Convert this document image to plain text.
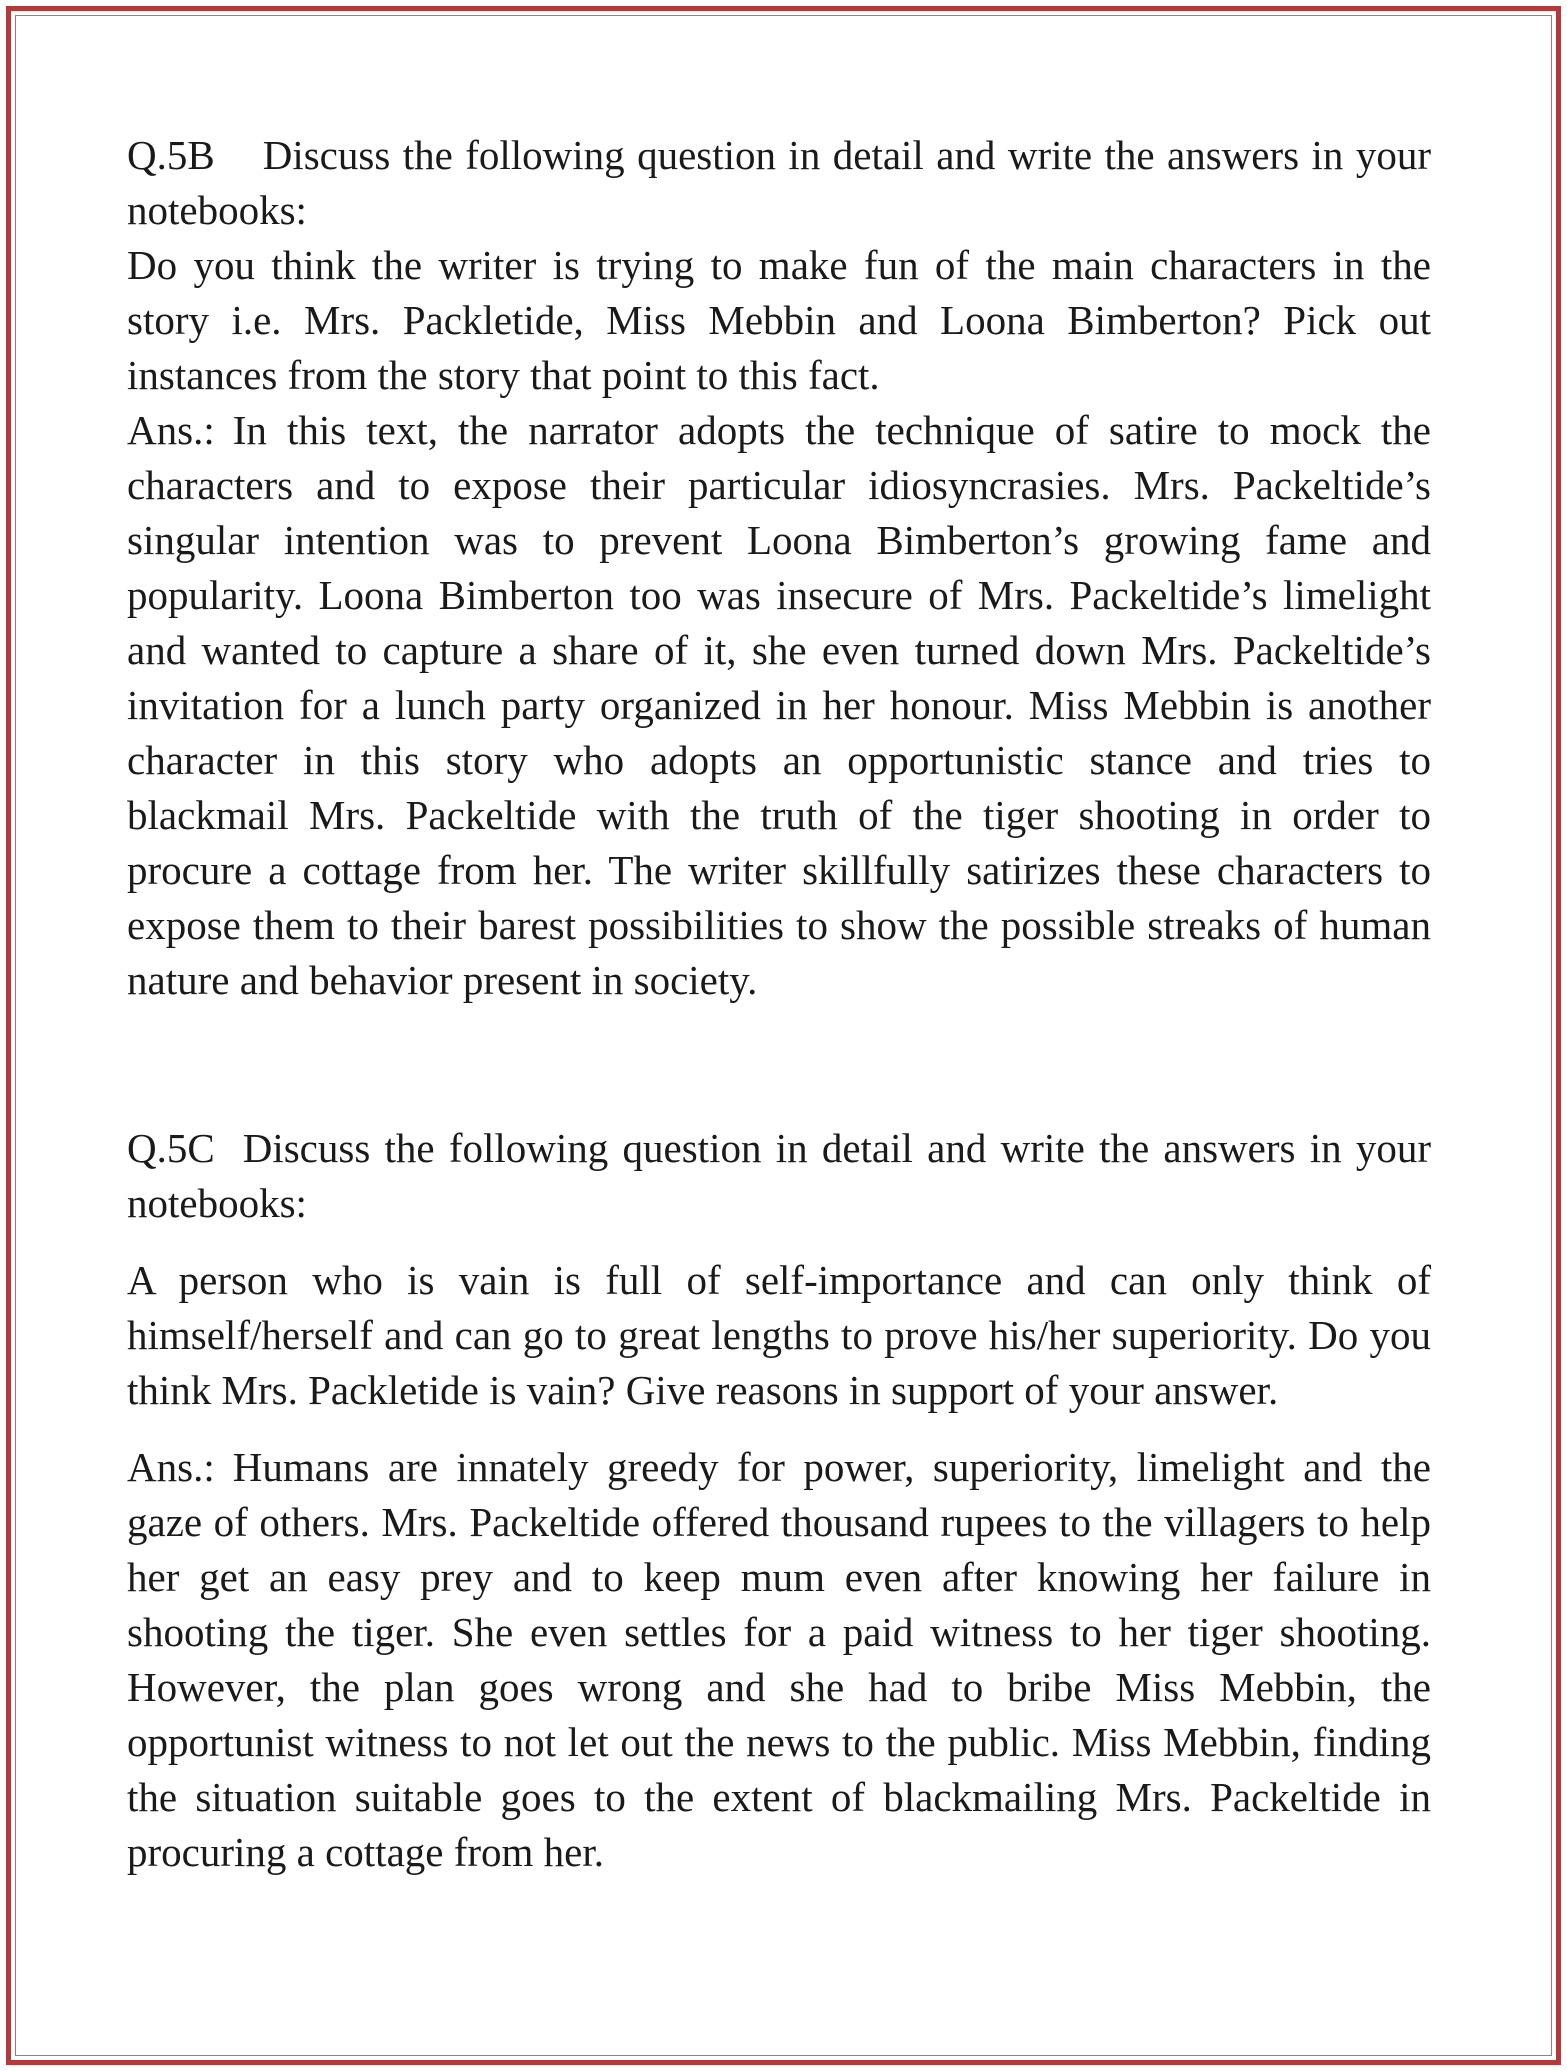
Q.5B Discuss the following question in detail and write the answers in your notebooks:

Do you think the writer is trying to make fun of the main characters in the story i.e. Mrs. Packletide, Miss Mebbin and Loona Bimberton? Pick out instances from the story that point to this fact.

Ans.: In this text, the narrator adopts the technique of satire to mock the characters and to expose their particular idiosyncrasies. Mrs. Packeltide’s singular intention was to prevent Loona Bimberton’s growing fame and popularity. Loona Bimberton too was insecure of Mrs. Packeltide’s limelight and wanted to capture a share of it, she even turned down Mrs. Packeltide’s invitation for a lunch party organized in her honour. Miss Mebbin is another character in this story who adopts an opportunistic stance and tries to blackmail Mrs. Packeltide with the truth of the tiger shooting in order to procure a cottage from her. The writer skillfully satirizes these characters to expose them to their barest possibilities to show the possible streaks of human nature and behavior present in society.

Q.5C Discuss the following question in detail and write the answers in your notebooks:

A person who is vain is full of self-importance and can only think of himself/herself and can go to great lengths to prove his/her superiority. Do you think Mrs. Packletide is vain? Give reasons in support of your answer.

Ans.: Humans are innately greedy for power, superiority, limelight and the gaze of others. Mrs. Packeltide offered thousand rupees to the villagers to help her get an easy prey and to keep mum even after knowing her failure in shooting the tiger. She even settles for a paid witness to her tiger shooting. However, the plan goes wrong and she had to bribe Miss Mebbin, the opportunist witness to not let out the news to the public. Miss Mebbin, finding the situation suitable goes to the extent of blackmailing Mrs. Packeltide in procuring a cottage from her.
